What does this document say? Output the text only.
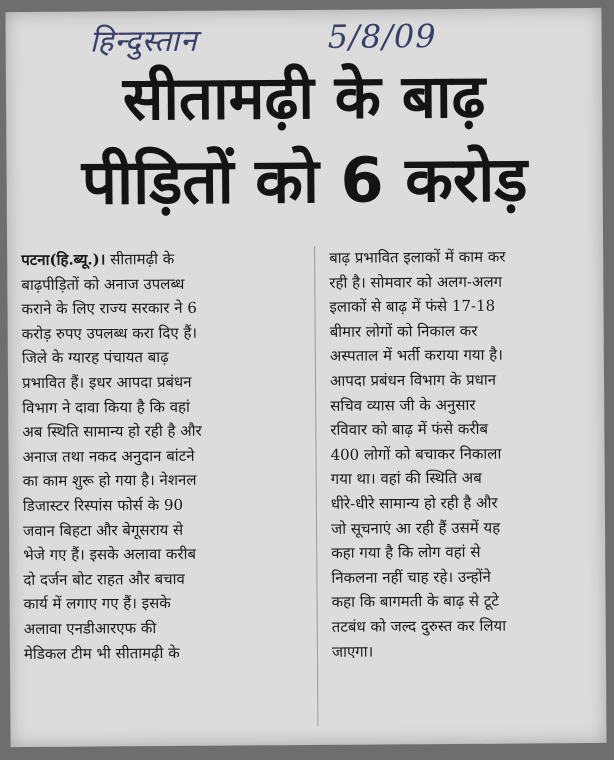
हिन्दुस्तान	5/8/09
सीतामढ़ी के बाढ़
पीड़ितों को 6 करोड़
पटना(हि.ब्यू.)। सीतामढ़ी के
बाढ़पीड़ितों को अनाज उपलब्ध
कराने के लिए राज्य सरकार ने 6
करोड़ रुपए उपलब्ध करा दिए हैं।
जिले के ग्यारह पंचायत बाढ़
प्रभावित हैं। इधर आपदा प्रबंधन
विभाग ने दावा किया है कि वहां
अब स्थिति सामान्य हो रही है और
अनाज तथा नकद अनुदान बांटने
का काम शुरू हो गया है। नेशनल
डिजास्टर रिस्पांस फोर्स के 90
जवान बिहटा और बेगूसराय से
भेजे गए हैं। इसके अलावा करीब
दो दर्जन बोट राहत और बचाव
कार्य में लगाए गए हैं। इसके
अलावा एनडीआरएफ की
मेडिकल टीम भी सीतामढ़ी के
बाढ़ प्रभावित इलाकों में काम कर
रही है। सोमवार को अलग-अलग
इलाकों से बाढ़ में फंसे 17-18
बीमार लोगों को निकाल कर
अस्पताल में भर्ती कराया गया है।
आपदा प्रबंधन विभाग के प्रधान
सचिव व्यास जी के अनुसार
रविवार को बाढ़ में फंसे करीब
400 लोगों को बचाकर निकाला
गया था। वहां की स्थिति अब
धीरे-धीरे सामान्य हो रही है और
जो सूचनाएं आ रही हैं उसमें यह
कहा गया है कि लोग वहां से
निकलना नहीं चाह रहे। उन्होंने
कहा कि बागमती के बाढ़ से टूटे
तटबंध को जल्द दुरुस्त कर लिया
जाएगा।
